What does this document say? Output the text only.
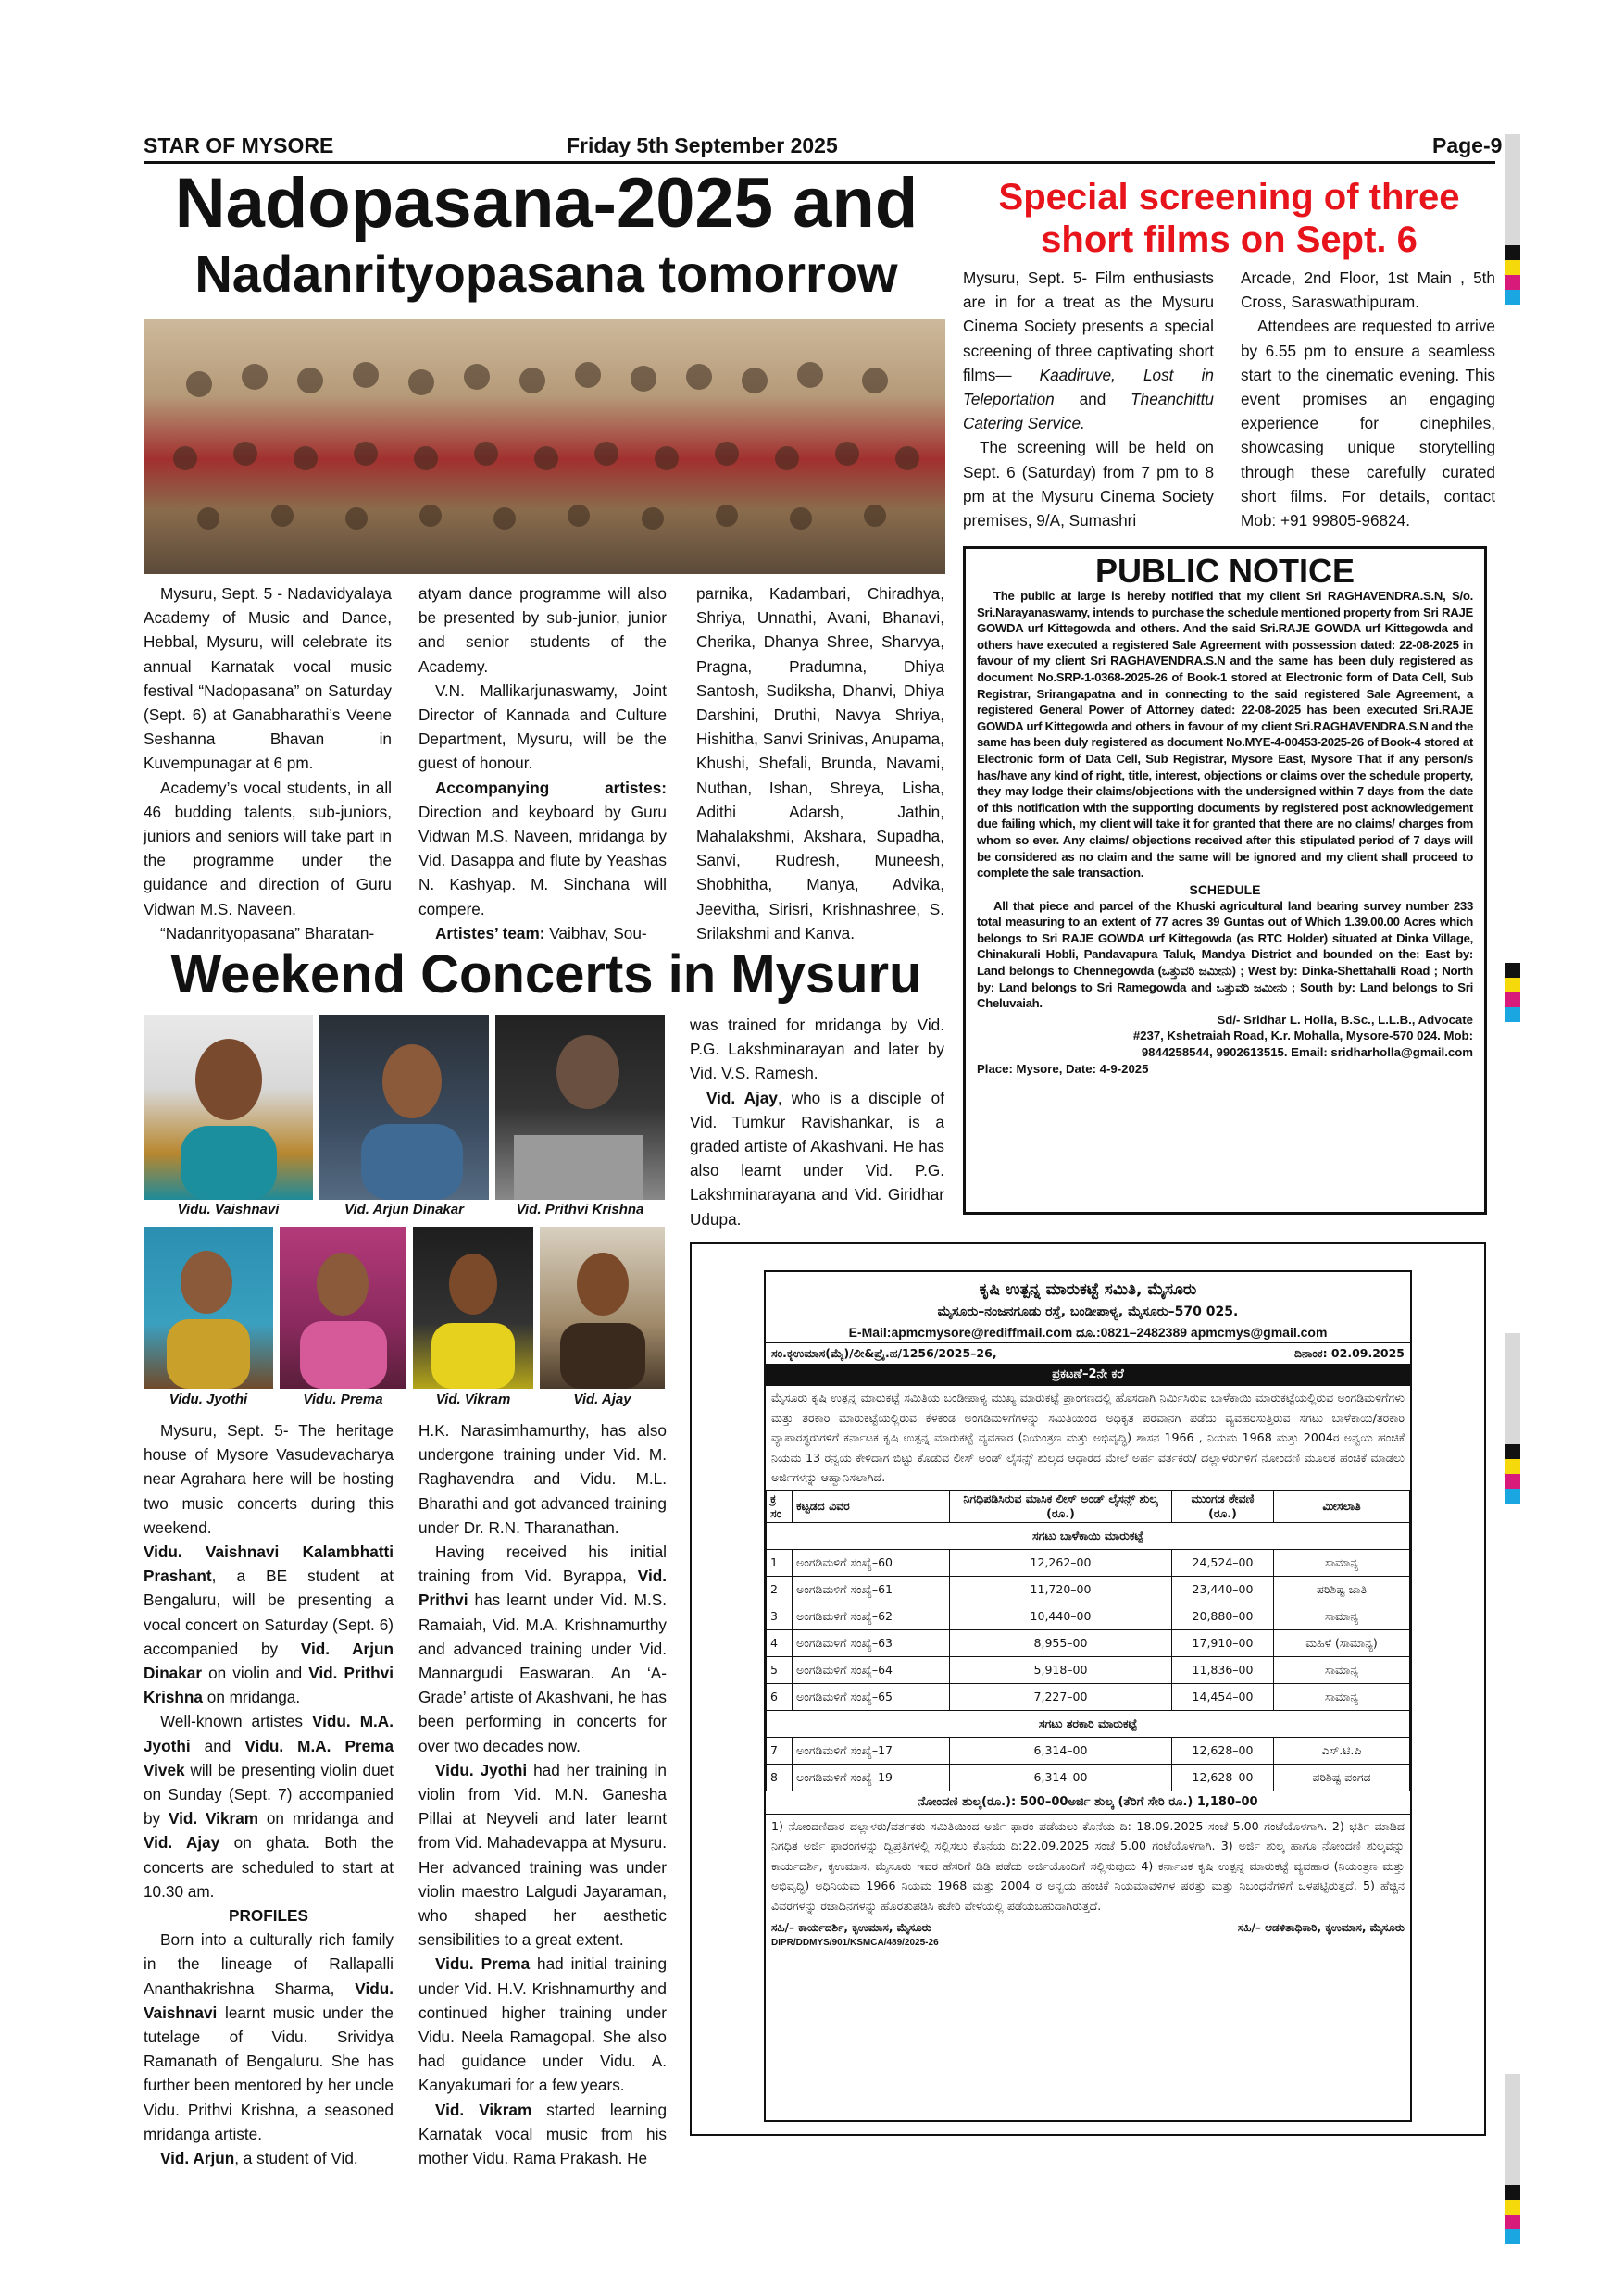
STAR OF MYSORE	Friday 5th September 2025	Page-9
Nadopasana-2025 and
Nadanrityopasana tomorrow

Mysuru, Sept. 5 - Nadavidyalaya Academy of Music and Dance, Hebbal, Mysuru, will celebrate its annual Karnatak vocal music festival “Nadopasana” on Saturday (Sept. 6) at Ganabharathi’s Veene Seshanna Bhavan in Kuvempunagar at 6 pm.

Academy’s vocal students, in all 46 budding talents, sub-juniors, juniors and seniors will take part in the programme under the guidance and direction of Guru Vidwan M.S. Naveen.

“Nadanrityopasana” Bharatan-

atyam dance programme will also be presented by sub-junior, junior and senior students of the Academy.

V.N. Mallikarjunaswamy, Joint Director of Kannada and Culture Department, Mysuru, will be the guest of honour.

Accompanying artistes: Direction and keyboard by Guru Vidwan M.S. Naveen, mridanga by Vid. Dasappa and flute by Yeashas N. Kashyap. M. Sinchana will compere.

Artistes’ team: Vaibhav, Sou-

parnika, Kadambari, Chiradhya, Shriya, Unnathi, Avani, Bhanavi, Cherika, Dhanya Shree, Sharvya, Pragna, Pradumna, Dhiya Santosh, Sudiksha, Dhanvi, Dhiya Darshini, Druthi, Navya Shriya, Hishitha, Sanvi Srinivas, Anupama, Khushi, Shefali, Brunda, Navami, Nuthan, Ishan, Shreya, Lisha, Adithi Adarsh, Jathin, Mahalakshmi, Akshara, Supadha, Sanvi, Rudresh, Muneesh, Shobhitha, Manya, Advika, Jeevitha, Sirisri, Krishnashree, S. Srilakshmi and Kanva.

Special screening of three
short films on Sept. 6

Mysuru, Sept. 5- Film enthusiasts are in for a treat as the Mysuru Cinema Society presents a special screening of three captivating short films— Kaadiruve, Lost in Teleportation and Theanchittu Catering Service.

The screening will be held on Sept. 6 (Saturday) from 7 pm to 8 pm at the Mysuru Cinema Society premises, 9/A, Sumashri

Arcade, 2nd Floor, 1st Main , 5th Cross, Saraswathipuram.

Attendees are requested to arrive by 6.55 pm to ensure a seamless start to the cinematic evening. This event promises an engaging experience for cinephiles, showcasing unique storytelling through these carefully curated short films. For details, contact Mob: +91 99805-96824.

PUBLIC NOTICE

The public at large is hereby notified that my client Sri RAGHAVENDRA.S.N, S/o. Sri.Narayanaswamy, intends to purchase the schedule mentioned property from Sri RAJE GOWDA urf Kittegowda and others. And the said Sri.RAJE GOWDA urf Kittegowda and others have executed a registered Sale Agreement with possession dated: 22-08-2025 in favour of my client Sri RAGHAVENDRA.S.N and the same has been duly registered as document No.SRP-1-0368-2025-26 of Book-1 stored at Electronic form of Data Cell, Sub Registrar, Srirangapatna and in connecting to the said registered Sale Agreement, a registered General Power of Attorney dated: 22-08-2025 has been executed Sri.RAJE GOWDA urf Kittegowda and others in favour of my client Sri.RAGHAVENDRA.S.N and the same has been duly registered as document No.MYE-4-00453-2025-26 of Book-4 stored at Electronic form of Data Cell, Sub Registrar, Mysore East, Mysore That if any person/s has/have any kind of right, title, interest, objections or claims over the schedule property, they may lodge their claims/objections with the undersigned within 7 days from the date of this notification with the supporting documents by registered post acknowledgement due failing which, my client will take it for granted that there are no claims/ charges from whom so ever. Any claims/ objections received after this stipulated period of 7 days will be considered as no claim and the same will be ignored and my client shall proceed to complete the sale transaction.

SCHEDULE

All that piece and parcel of the Khuski agricultural land bearing survey number 233 total measuring to an extent of 77 acres 39 Guntas out of Which 1.39.00.00 Acres which belongs to Sri RAJE GOWDA urf Kittegowda (as RTC Holder) situated at Dinka Village, Chinakurali Hobli, Pandavapura Taluk, Mandya District and bounded on the: East by: Land belongs to Chennegowda (ಒತ್ತುವರಿ ಜಮೀನು) ; West by: Dinka-Shettahalli Road ; North by: Land belongs to Sri Ramegowda and ಒತ್ತುವರಿ ಜಮೀನು ; South by: Land belongs to Sri Cheluvaiah.

Sd/- Sridhar L. Holla, B.Sc., L.L.B., Advocate
#237, Kshetraiah Road, K.r. Mohalla, Mysore-570 024. Mob: 9844258544, 9902613515. Email: sridharholla@gmail.com
Place: Mysore, Date: 4-9-2025
Weekend Concerts in Mysuru
Vidu. Vaishnavi	Vid. Arjun Dinakar	Vid. Prithvi Krishna

was trained for mridanga by Vid. P.G. Lakshminarayan and later by Vid. V.S. Ramesh.

Vid. Ajay, who is a disciple of Vid. Tumkur Ravishankar, is a graded artiste of Akashvani. He has also learnt under Vid. P.G. Lakshminarayana and Vid. Giridhar Udupa.

Vidu. Jyothi	Vidu. Prema	Vid. Vikram	Vid. Ajay

Mysuru, Sept. 5- The heritage house of Mysore Vasudevacharya near Agrahara here will be hosting two music concerts during this weekend.

Vidu. Vaishnavi Kalambhatti Prashant, a BE student at Bengaluru, will be presenting a vocal concert on Saturday (Sept. 6) accompanied by Vid. Arjun Dinakar on violin and Vid. Prithvi Krishna on mridanga.

Well-known artistes Vidu. M.A. Jyothi and Vidu. M.A. Prema Vivek will be presenting violin duet on Sunday (Sept. 7) accompanied by Vid. Vikram on mridanga and Vid. Ajay on ghata. Both the concerts are scheduled to start at 10.30 am.

PROFILES

Born into a culturally rich family in the lineage of Rallapalli Ananthakrishna Sharma, Vidu. Vaishnavi learnt music under the tutelage of Vidu. Srividya Ramanath of Bengaluru. She has further been mentored by her uncle Vidu. Prithvi Krishna, a seasoned mridanga artiste.

Vid. Arjun, a student of Vid.

H.K. Narasimhamurthy, has also undergone training under Vid. M. Raghavendra and Vidu. M.L. Bharathi and got advanced training under Dr. R.N. Tharanathan.

Having received his initial training from Vid. Byrappa, Vid. Prithvi has learnt under Vid. M.S. Ramaiah, Vid. M.A. Krishnamurthy and advanced training under Vid. Mannargudi Easwaran. An ‘A-Grade’ artiste of Akashvani, he has been performing in concerts for over two decades now.

Vidu. Jyothi had her training in violin from Vid. M.N. Ganesha Pillai at Neyveli and later learnt from Vid. Mahadevappa at Mysuru. Her advanced training was under violin maestro Lalgudi Jayaraman, who shaped her aesthetic sensibilities to a great extent.

Vidu. Prema had initial training under Vid. H.V. Krishnamurthy and continued higher training under Vidu. Neela Ramagopal. She also had guidance under Vidu. A. Kanyakumari for a few years.

Vid. Vikram started learning Karnatak vocal music from his mother Vidu. Rama Prakash. He

ಕೃಷಿ ಉತ್ಪನ್ನ ಮಾರುಕಟ್ಟೆ ಸಮಿತಿ, ಮೈಸೂರು
ಮೈಸೂರು–ನಂಜನಗೂಡು ರಸ್ತೆ, ಬಂಡೀಪಾಳ್ಯ, ಮೈಸೂರು–570 025.
E-Mail:apmcmysore@rediffmail.com ದೂ.:0821–2482389 apmcmys@gmail.com
ಸಂ.ಕೃಉಮಾಸ(ಮೈ)/ಲೀ&ಪ್ರೈ.ಹ/1256/2025–26,	ದಿನಾಂಕ: 02.09.2025
ಪ್ರಕಟಣೆ–2ನೇ ಕರೆ

ಮೈಸೂರು ಕೃಷಿ ಉತ್ಪನ್ನ ಮಾರುಕಟ್ಟೆ ಸಮಿತಿಯ ಬಂಡೀಪಾಳ್ಯ ಮುಖ್ಯ ಮಾರುಕಟ್ಟೆ ಪ್ರಾಂಗಣದಲ್ಲಿ ಹೊಸದಾಗಿ ನಿರ್ಮಿಸಿರುವ ಬಾಳೆಕಾಯಿ ಮಾರುಕಟ್ಟೆಯಲ್ಲಿರುವ ಅಂಗಡಿಮಳಿಗೆಗಳು ಮತ್ತು ತರಕಾರಿ ಮಾರುಕಟ್ಟೆಯಲ್ಲಿರುವ ಕೆಳಕಂಡ ಅಂಗಡಿಮಳಿಗೆಗಳನ್ನು ಸಮಿತಿಯಿಂದ ಅಧಿಕೃತ ಪರವಾನಗಿ ಪಡೆದು ವ್ಯವಹರಿಸುತ್ತಿರುವ ಸಗಟು ಬಾಳೆಕಾಯಿ/ತರಕಾರಿ ವ್ಯಾಪಾರಸ್ಥರುಗಳಿಗೆ ಕರ್ನಾಟಕ ಕೃಷಿ ಉತ್ಪನ್ನ ಮಾರುಕಟ್ಟೆ ವ್ಯವಹಾರ (ನಿಯಂತ್ರಣ ಮತ್ತು ಅಭಿವೃದ್ಧಿ) ಶಾಸನ 1966 , ನಿಯಮ 1968 ಮತ್ತು 2004ರ ಅನ್ವಯ ಹಂಚಿಕೆ ನಿಯಮ 13 ರನ್ವಯ ಕೇಳಿದಾಗ ಬಿಟ್ಟು ಕೊಡುವ ಲೀಸ್ ಅಂಡ್ ಲೈಸನ್ಸ್ ಶುಲ್ಕದ ಆಧಾರದ ಮೇಲೆ ಅರ್ಹ ವರ್ತಕರು/ ದಲ್ಲಾಳರುಗಳಿಗೆ ನೋಂದಣಿ ಮೂಲಕ ಹಂಚಿಕೆ ಮಾಡಲು ಅರ್ಜಿಗಳನ್ನು ಆಹ್ವಾನಿಸಲಾಗಿದೆ.

ಕ್ರ ಸಂ	ಕಟ್ಟಡದ ವಿವರ	ನಿಗಧಿಪಡಿಸಿರುವ ಮಾಸಿಕ ಲೀಸ್ ಅಂಡ್ ಲೈಸನ್ಸ್ ಶುಲ್ಕ (ರೂ.)	ಮುಂಗಡ ಠೇವಣಿ (ರೂ.)	ಮೀಸಲಾತಿ
ಸಗಟು ಬಾಳೆಕಾಯಿ ಮಾರುಕಟ್ಟೆ				
1	ಅಂಗಡಿಮಳಿಗೆ ಸಂಖ್ಯೆ–60	12,262–00	24,524–00	ಸಾಮಾನ್ಯ
2	ಅಂಗಡಿಮಳಿಗೆ ಸಂಖ್ಯೆ–61	11,720–00	23,440–00	ಪರಿಶಿಷ್ಟ ಜಾತಿ
3	ಅಂಗಡಿಮಳಿಗೆ ಸಂಖ್ಯೆ–62	10,440–00	20,880–00	ಸಾಮಾನ್ಯ
4	ಅಂಗಡಿಮಳಿಗೆ ಸಂಖ್ಯೆ–63	8,955–00	17,910–00	ಮಹಿಳೆ (ಸಾಮಾನ್ಯ)
5	ಅಂಗಡಿಮಳಿಗೆ ಸಂಖ್ಯೆ–64	5,918–00	11,836–00	ಸಾಮಾನ್ಯ
6	ಅಂಗಡಿಮಳಿಗೆ ಸಂಖ್ಯೆ–65	7,227–00	14,454–00	ಸಾಮಾನ್ಯ
ಸಗಟು ತರಕಾರಿ ಮಾರುಕಟ್ಟೆ				
7	ಅಂಗಡಿಮಳಿಗೆ ಸಂಖ್ಯೆ–17	6,314–00	12,628–00	ಎಸ್.ಟಿ.ಪಿ
8	ಅಂಗಡಿಮಳಿಗೆ ಸಂಖ್ಯೆ–19	6,314–00	12,628–00	ಪರಿಶಿಷ್ಟ ಪಂಗಡ
ನೋಂದಣಿ ಶುಲ್ಕ(ರೂ.): 500–00ಅರ್ಜಿ ಶುಲ್ಕ (ತೆರಿಗೆ ಸೇರಿ ರೂ.) 1,180–00

1) ನೋಂದಣಿದಾರ ದಲ್ಲಾಳರು/ವರ್ತಕರು ಸಮಿತಿಯಿಂದ ಅರ್ಜಿ ಫಾರಂ ಪಡೆಯಲು ಕೊನೆಯ ದಿ: 18.09.2025 ಸಂಜೆ 5.00 ಗಂಟೆಯೊಳಗಾಗಿ. 2) ಭರ್ತಿ ಮಾಡಿದ ನಿಗಧಿತ ಅರ್ಜಿ ಫಾರಂಗಳನ್ನು ದ್ವಿಪ್ರತಿಗಳಲ್ಲಿ ಸಲ್ಲಿಸಲು ಕೊನೆಯ ದಿ:22.09.2025 ಸಂಜೆ 5.00 ಗಂಟೆಯೊಳಗಾಗಿ. 3) ಅರ್ಜಿ ಶುಲ್ಕ ಹಾಗೂ ನೋಂದಣಿ ಶುಲ್ಕವನ್ನು ಕಾರ್ಯದರ್ಶಿ, ಕೃಉಮಾಸ, ಮೈಸೂರು ಇವರ ಹೆಸರಿಗೆ ಡಿಡಿ ಪಡೆದು ಅರ್ಜಿಯೊಂದಿಗೆ ಸಲ್ಲಿಸುವುದು 4) ಕರ್ನಾಟಕ ಕೃಷಿ ಉತ್ಪನ್ನ ಮಾರುಕಟ್ಟೆ ವ್ಯವಹಾರ (ನಿಯಂತ್ರಣ ಮತ್ತು ಅಭಿವೃದ್ಧಿ) ಅಧಿನಿಯಮ 1966 ನಿಯಮ 1968 ಮತ್ತು 2004 ರ ಅನ್ವಯ ಹಂಚಿಕೆ ನಿಯಮಾವಳಿಗಳ ಷರತ್ತು ಮತ್ತು ನಿಬಂಧನೆಗಳಿಗೆ ಒಳಪಟ್ಟಿರುತ್ತದೆ. 5) ಹೆಚ್ಚಿನ ವಿವರಗಳನ್ನು ರಜಾದಿನಗಳನ್ನು ಹೊರತುಪಡಿಸಿ ಕಚೇರಿ ವೇಳೆಯಲ್ಲಿ ಪಡೆಯಬಹುದಾಗಿರುತ್ತದೆ.

ಸಹಿ/– ಕಾರ್ಯದರ್ಶಿ, ಕೃಉಮಾಸ, ಮೈಸೂರು	ಸಹಿ/– ಆಡಳಿತಾಧಿಕಾರಿ, ಕೃಉಮಾಸ, ಮೈಸೂರು
DIPR/DDMYS/901/KSMCA/489/2025-26
